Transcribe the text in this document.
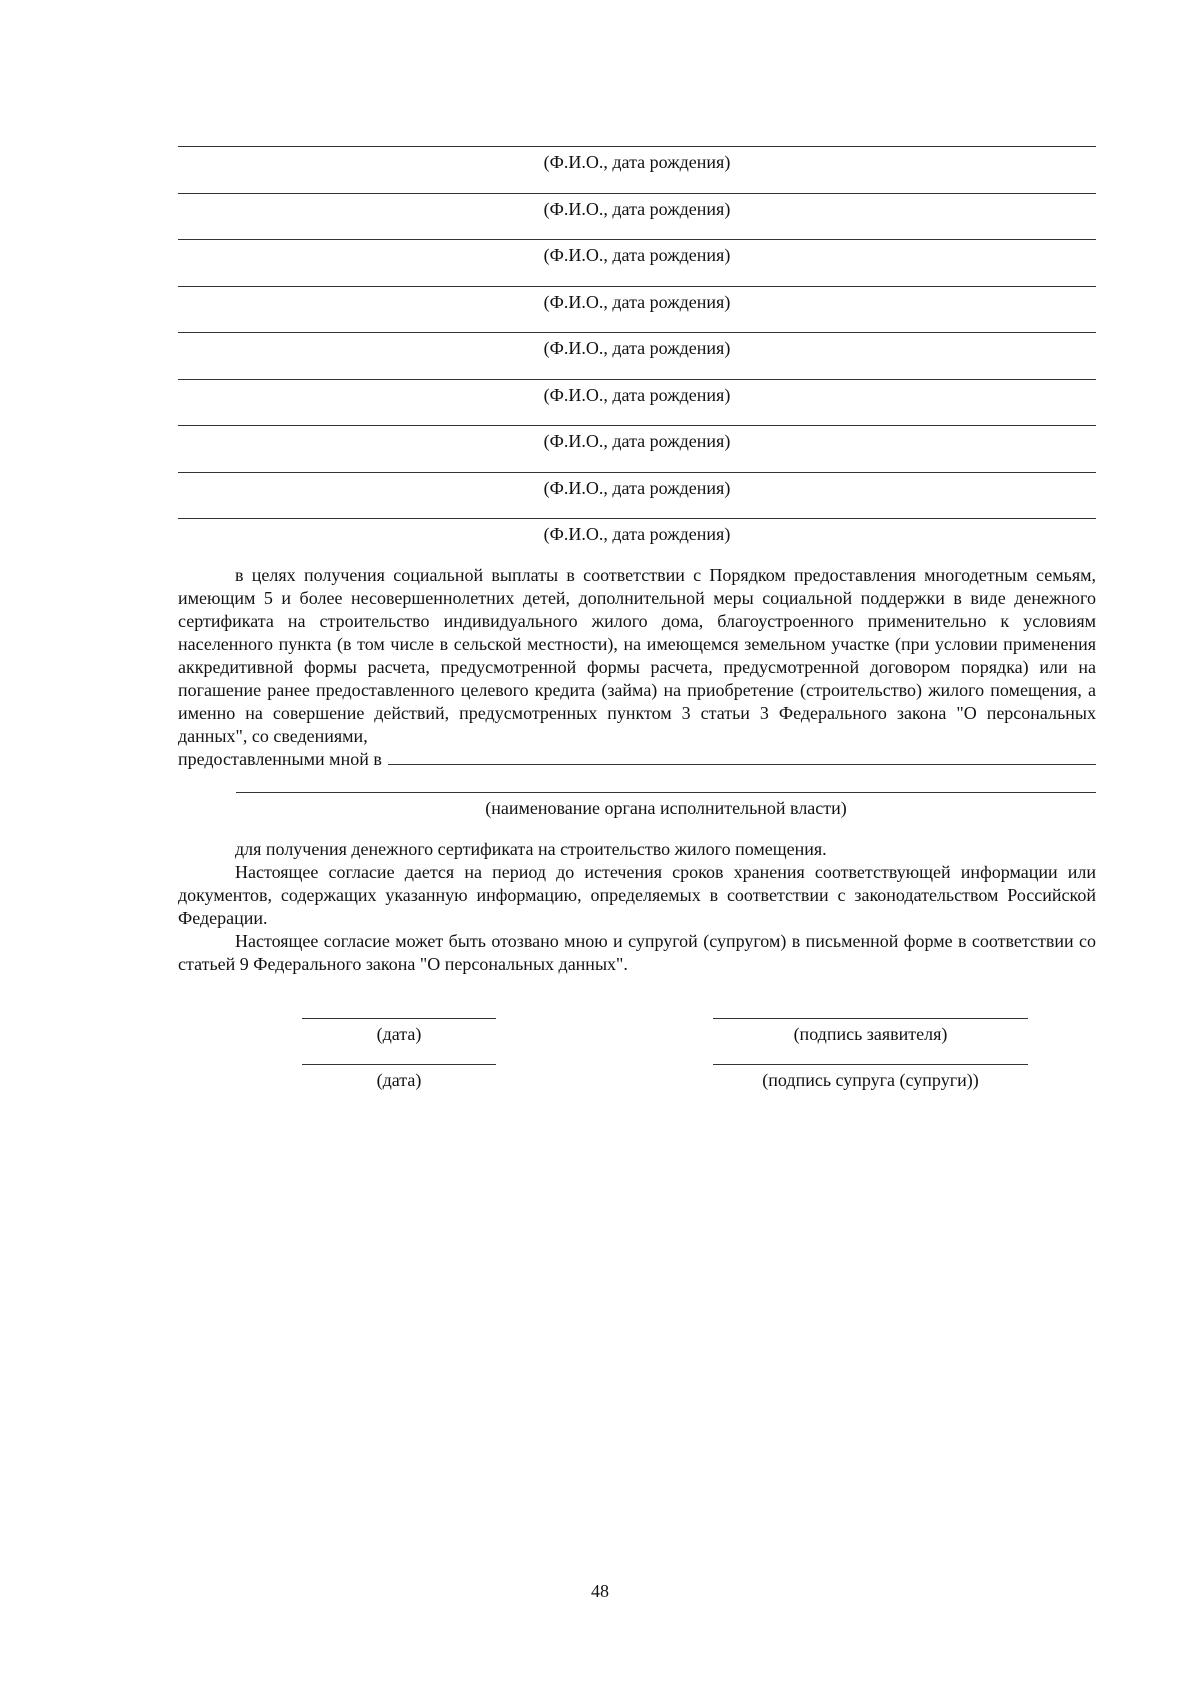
(Ф.И.О., дата рождения)
(Ф.И.О., дата рождения)
(Ф.И.О., дата рождения)
(Ф.И.О., дата рождения)
(Ф.И.О., дата рождения)
(Ф.И.О., дата рождения)
(Ф.И.О., дата рождения)
(Ф.И.О., дата рождения)
(Ф.И.О., дата рождения)
в целях получения социальной выплаты в соответствии с Порядком предоставления многодетным семьям, имеющим 5 и более несовершеннолетних детей, дополнительной меры социальной поддержки в виде денежного сертификата на строительство индивидуального жилого дома, благоустроенного применительно к условиям населенного пункта (в том числе в сельской местности), на имеющемся земельном участке (при условии применения аккредитивной формы расчета, предусмотренной формы расчета, предусмотренной договором порядка) или на погашение ранее предоставленного целевого кредита (займа) на приобретение (строительство) жилого помещения, а именно на совершение действий, предусмотренных пунктом 3 статьи 3 Федерального закона "О персональных данных", со сведениями,
предоставленными мной в
(наименование органа исполнительной власти)

для получения денежного сертификата на строительство жилого помещения.

Настоящее согласие дается на период до истечения сроков хранения соответствующей информации или документов, содержащих указанную информацию, определяемых в соответствии с законодательством Российской Федерации.

Настоящее согласие может быть отозвано мною и супругой (супругом) в письменной форме в соответствии со статьей 9 Федерального закона "О персональных данных".

(дата)	(подпись заявителя)
(дата)	(подпись супруга (супруги))
48
